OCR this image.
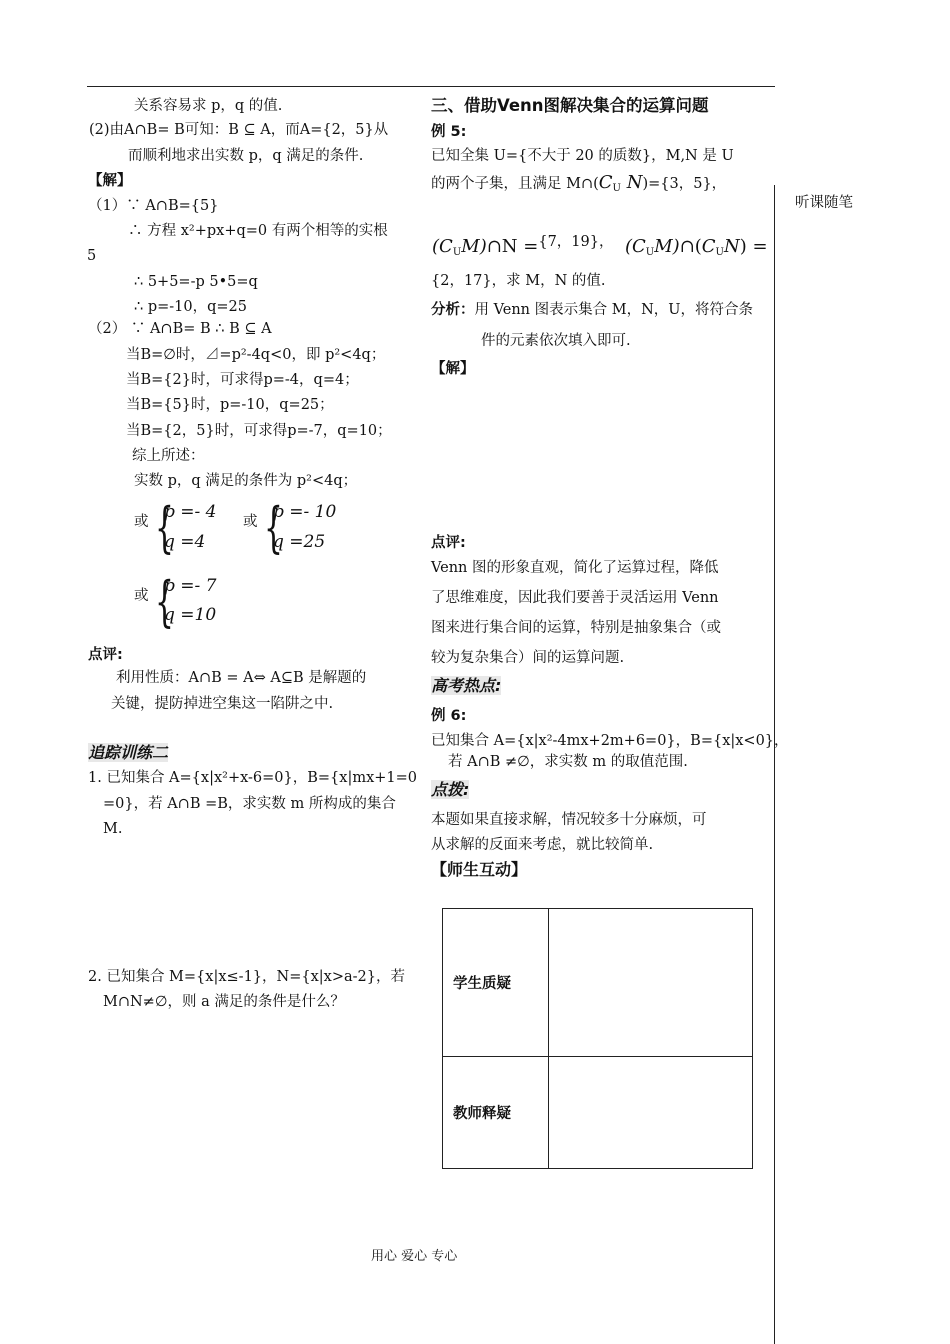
关系容易求 p，q 的值.
(2)由A∩B= B可知：B ⊆ A，而A={2，5}从
而顺利地求出实数 p，q 满足的条件.
【解】
（1）∵ A∩B={5}
∴ 方程 x²+px+q=0 有两个相等的实根
5
∴ 5+5=-p 5•5=q
∴ p=-10，q=25
（2） ∵ A∩B= B ∴ B ⊆ A
当B=∅时，⊿=p²-4q<0，即 p²<4q；
当B={2}时，可求得p=-4，q=4；
当B={5}时，p=-10，q=25；
当B={2，5}时，可求得p=-7，q=10；
综上所述：
实数 p，q 满足的条件为 p²<4q；
或 {
p =- 4
q =4
或 {
p =- 10
q =25
或 {
p =- 7
q =10
点评:
利用性质：A∩B = A⇔ A⊆B 是解题的
关键，提防掉进空集这一陷阱之中.
追踪训练二
1. 已知集合 A={x|x²+x-6=0}，B={x|mx+1=0
=0}，若 A∩B =B，求实数 m 所构成的集合
M.
2. 已知集合 M={x|x≤-1}，N={x|x>a-2}，若
M∩N≠∅，则 a 满足的条件是什么？
三、借助Venn图解决集合的运算问题
例 5:
已知全集 U={不大于 20 的质数}，M,N 是 U
的两个子集，且满足 $M\cap(C_U$ N)={3，5}，
$(C_UM)\cap N =^{\{7,19\},}$  $(C_UM)\cap(C_UN)$ =
{2，17}，求 M，N 的值.
分析：用 Venn 图表示集合 M，N，U，将符合条
件的元素依次填入即可.
【解】
点评:
Venn 图的形象直观，简化了运算过程，降低
了思维难度，因此我们要善于灵活运用 Venn
图来进行集合间的运算，特别是抽象集合（或
较为复杂集合）间的运算问题.
高考热点:
例 6:
已知集合 A={x|x²-4mx+2m+6=0}，B={x|x<0}，
若 A∩B ≠∅，求实数 m 的取值范围.
点拨:
本题如果直接求解，情况较多十分麻烦，可
从求解的反面来考虑，就比较简单.
【师生互动】
学生质疑	
教师释疑	
听课随笔
用心 爱心 专心
